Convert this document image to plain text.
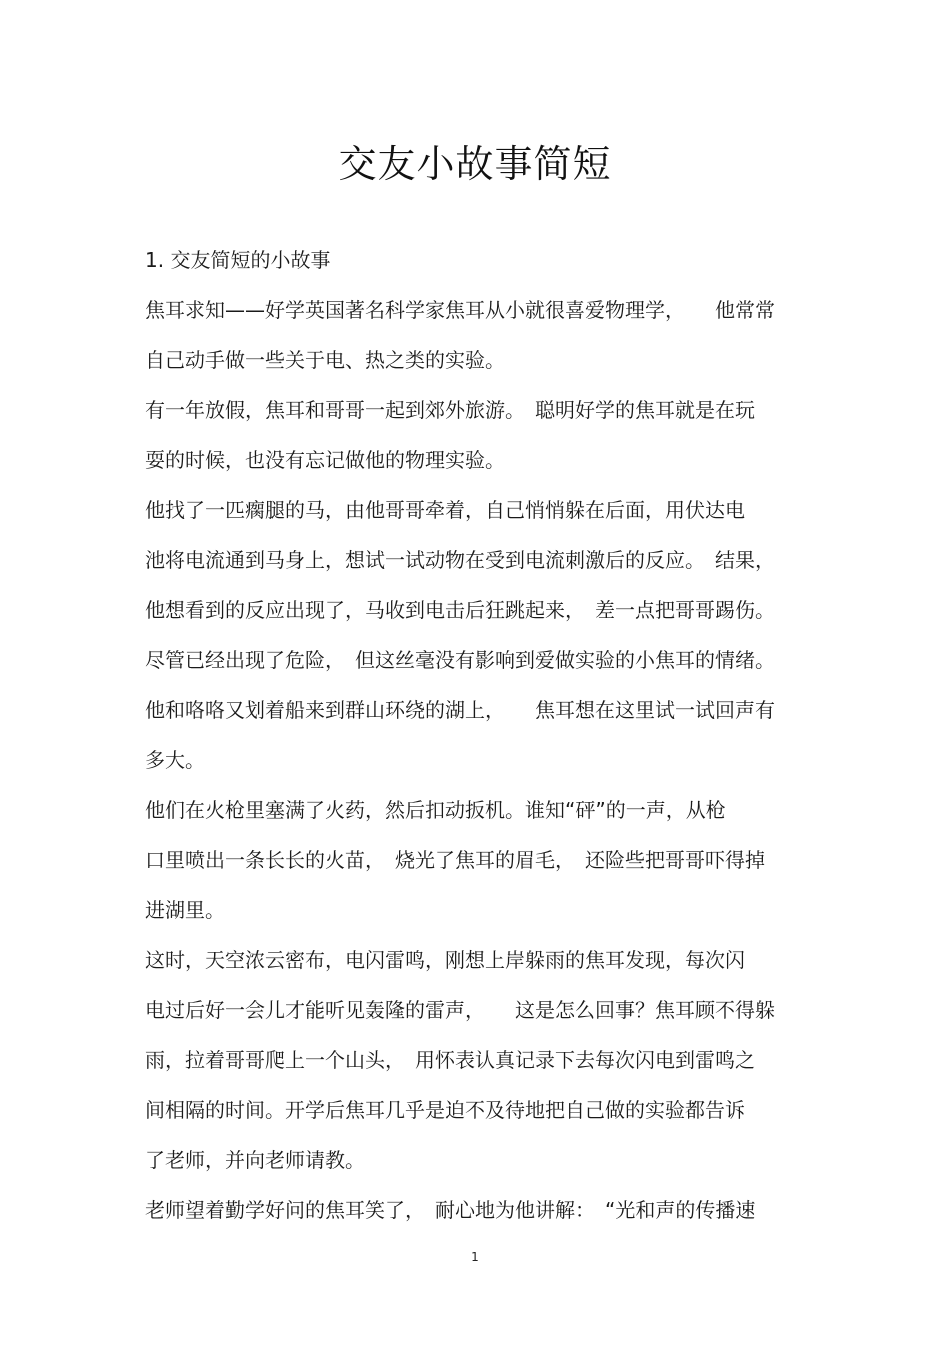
交友小故事简短
1. 交友简短的小故事
焦耳求知——好学英国著名科学家焦耳从小就很喜爱物理学，　　他常常
自己动手做一些关于电、热之类的实验。
有一年放假，焦耳和哥哥一起到郊外旅游。　聪明好学的焦耳就是在玩
耍的时候，也没有忘记做他的物理实验。
他找了一匹瘸腿的马，由他哥哥牵着，自己悄悄躲在后面，用伏达电
池将电流通到马身上，想试一试动物在受到电流刺激后的反应。　结果，
他想看到的反应出现了，马收到电击后狂跳起来，　差一点把哥哥踢伤。
尽管已经出现了危险，　但这丝毫没有影响到爱做实验的小焦耳的情绪。
他和咯咯又划着船来到群山环绕的湖上，　　焦耳想在这里试一试回声有
多大。
他们在火枪里塞满了火药，然后扣动扳机。谁知“砰”的一声，从枪
口里喷出一条长长的火苗，　烧光了焦耳的眉毛，　还险些把哥哥吓得掉
进湖里。
这时，天空浓云密布，电闪雷鸣，刚想上岸躲雨的焦耳发现，每次闪
电过后好一会儿才能听见轰隆的雷声，　　这是怎么回事？焦耳顾不得躲
雨，拉着哥哥爬上一个山头，　用怀表认真记录下去每次闪电到雷鸣之
间相隔的时间。开学后焦耳几乎是迫不及待地把自己做的实验都告诉
了老师，并向老师请教。
老师望着勤学好问的焦耳笑了，　耐心地为他讲解：　“光和声的传播速
1
